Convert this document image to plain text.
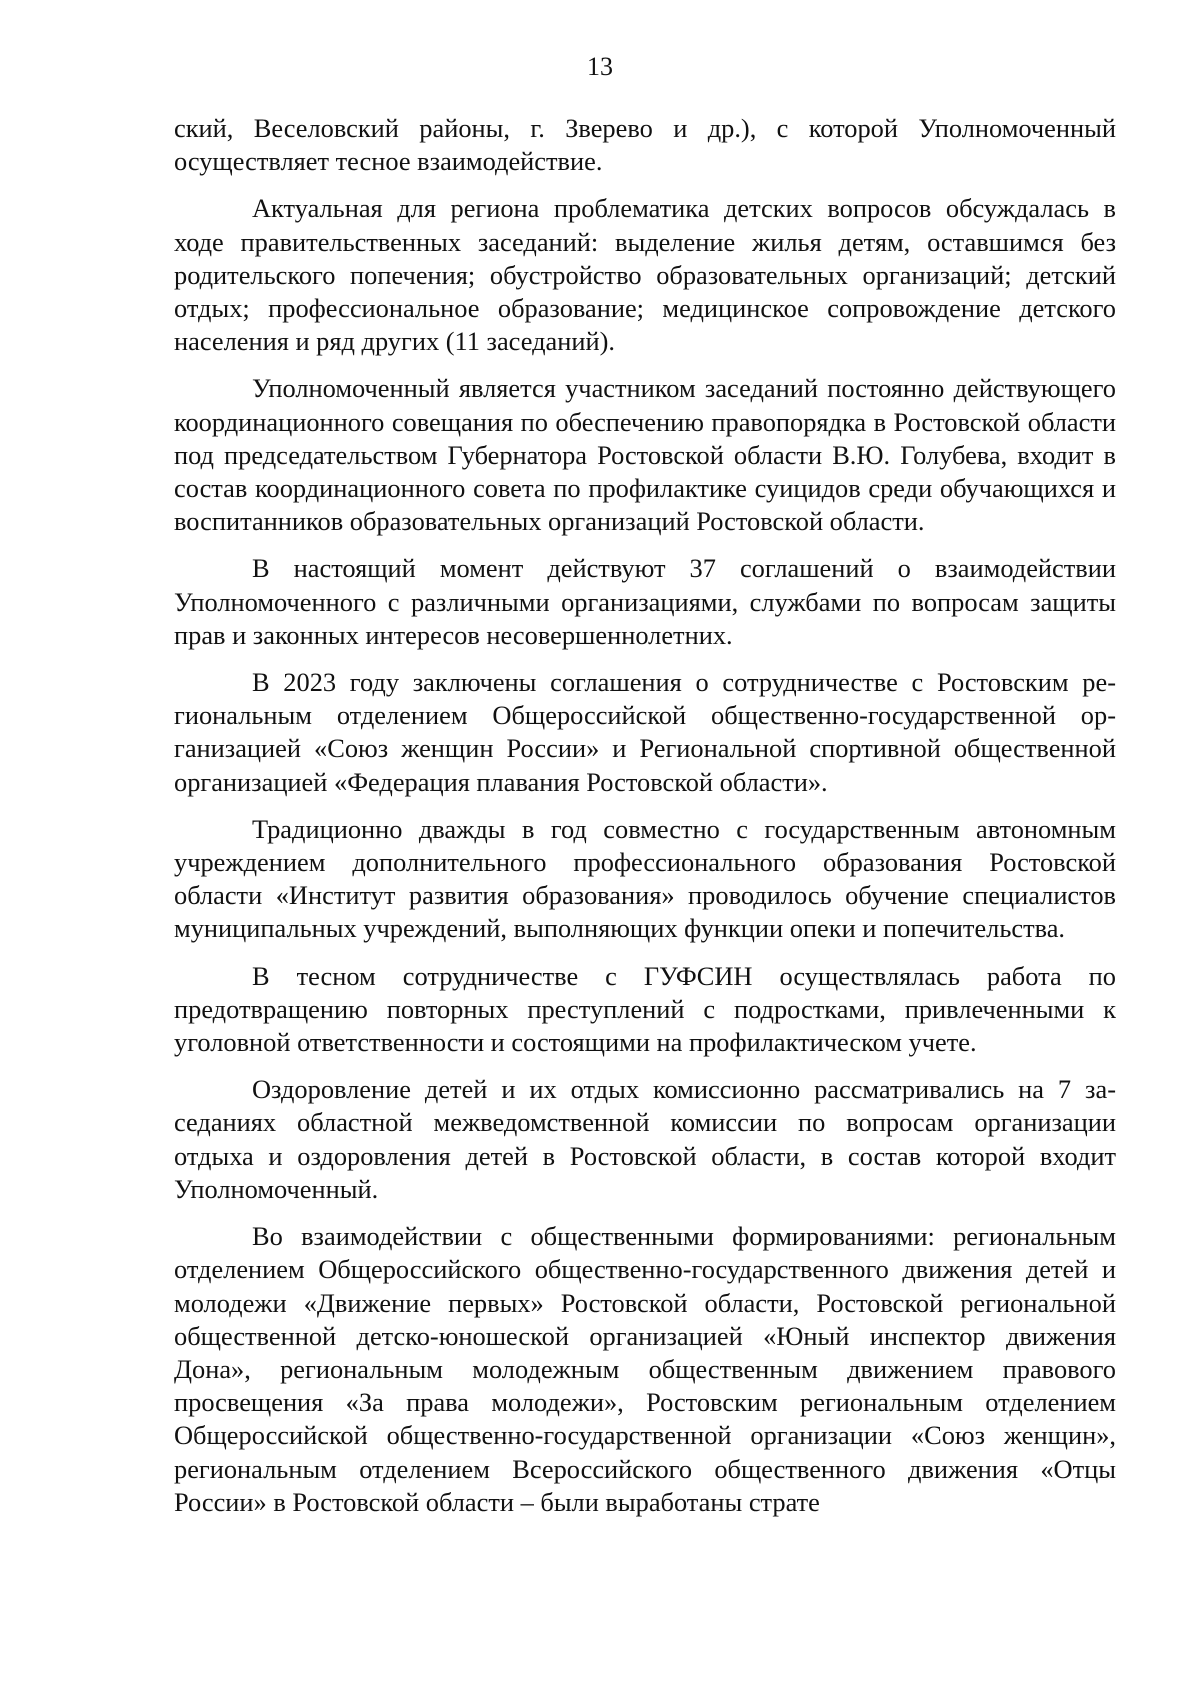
13

ский, Веселовский районы, г. Зверево и др.), с которой Уполномоченный осуществляет тесное взаимодействие.

Актуальная для региона проблематика детских вопросов обсуждалась в ходе правительственных заседаний: выделение жилья детям, оставшимся без родительского попечения; обустройство образовательных организаций; детский отдых; профессиональное образование; медицинское сопровождение детского населения и ряд других (11 заседаний).

Уполномоченный является участником заседаний постоянно действующего координационного совещания по обеспечению правопорядка в Ростовской области под председательством Губернатора Ростовской области В.Ю. Голубева, входит в состав координационного совета по профилактике суицидов среди обучающихся и воспитанников образовательных организаций Ростовской области.

В настоящий момент действуют 37 соглашений о взаимодействии Уполномоченного с различными организациями, службами по вопросам защиты прав и законных интересов несовершеннолетних.

В 2023 году заключены соглашения о сотрудничестве с Ростовским региональным отделением Общероссийской общественно-государственной организацией «Союз женщин России» и Региональной спортивной общественной организацией «Федерация плавания Ростовской области».

Традиционно дважды в год совместно с государственным автономным учреждением дополнительного профессионального образования Ростовской области «Институт развития образования» проводилось обучение специалистов муниципальных учреждений, выполняющих функции опеки и попечительства.

В тесном сотрудничестве с ГУФСИН осуществлялась работа по предотвращению повторных преступлений с подростками, привлеченными к уголовной ответственности и состоящими на профилактическом учете.

Оздоровление детей и их отдых комиссионно рассматривались на 7 заседаниях областной межведомственной комиссии по вопросам организации отдыха и оздоровления детей в Ростовской области, в состав которой входит Уполномоченный.

Во взаимодействии с общественными формированиями: региональным отделением Общероссийского общественно-государственного движения детей и молодежи «Движение первых» Ростовской области, Ростовской региональной общественной детско-юношеской организацией «Юный инспектор движения Дона», региональным молодежным общественным движением правового просвещения «За права молодежи», Ростовским региональным отделением Общероссийской общественно-государственной организации «Союз женщин», региональным отделением Всероссийского общественного движения «Отцы России» в Ростовской области – были выработаны страте
